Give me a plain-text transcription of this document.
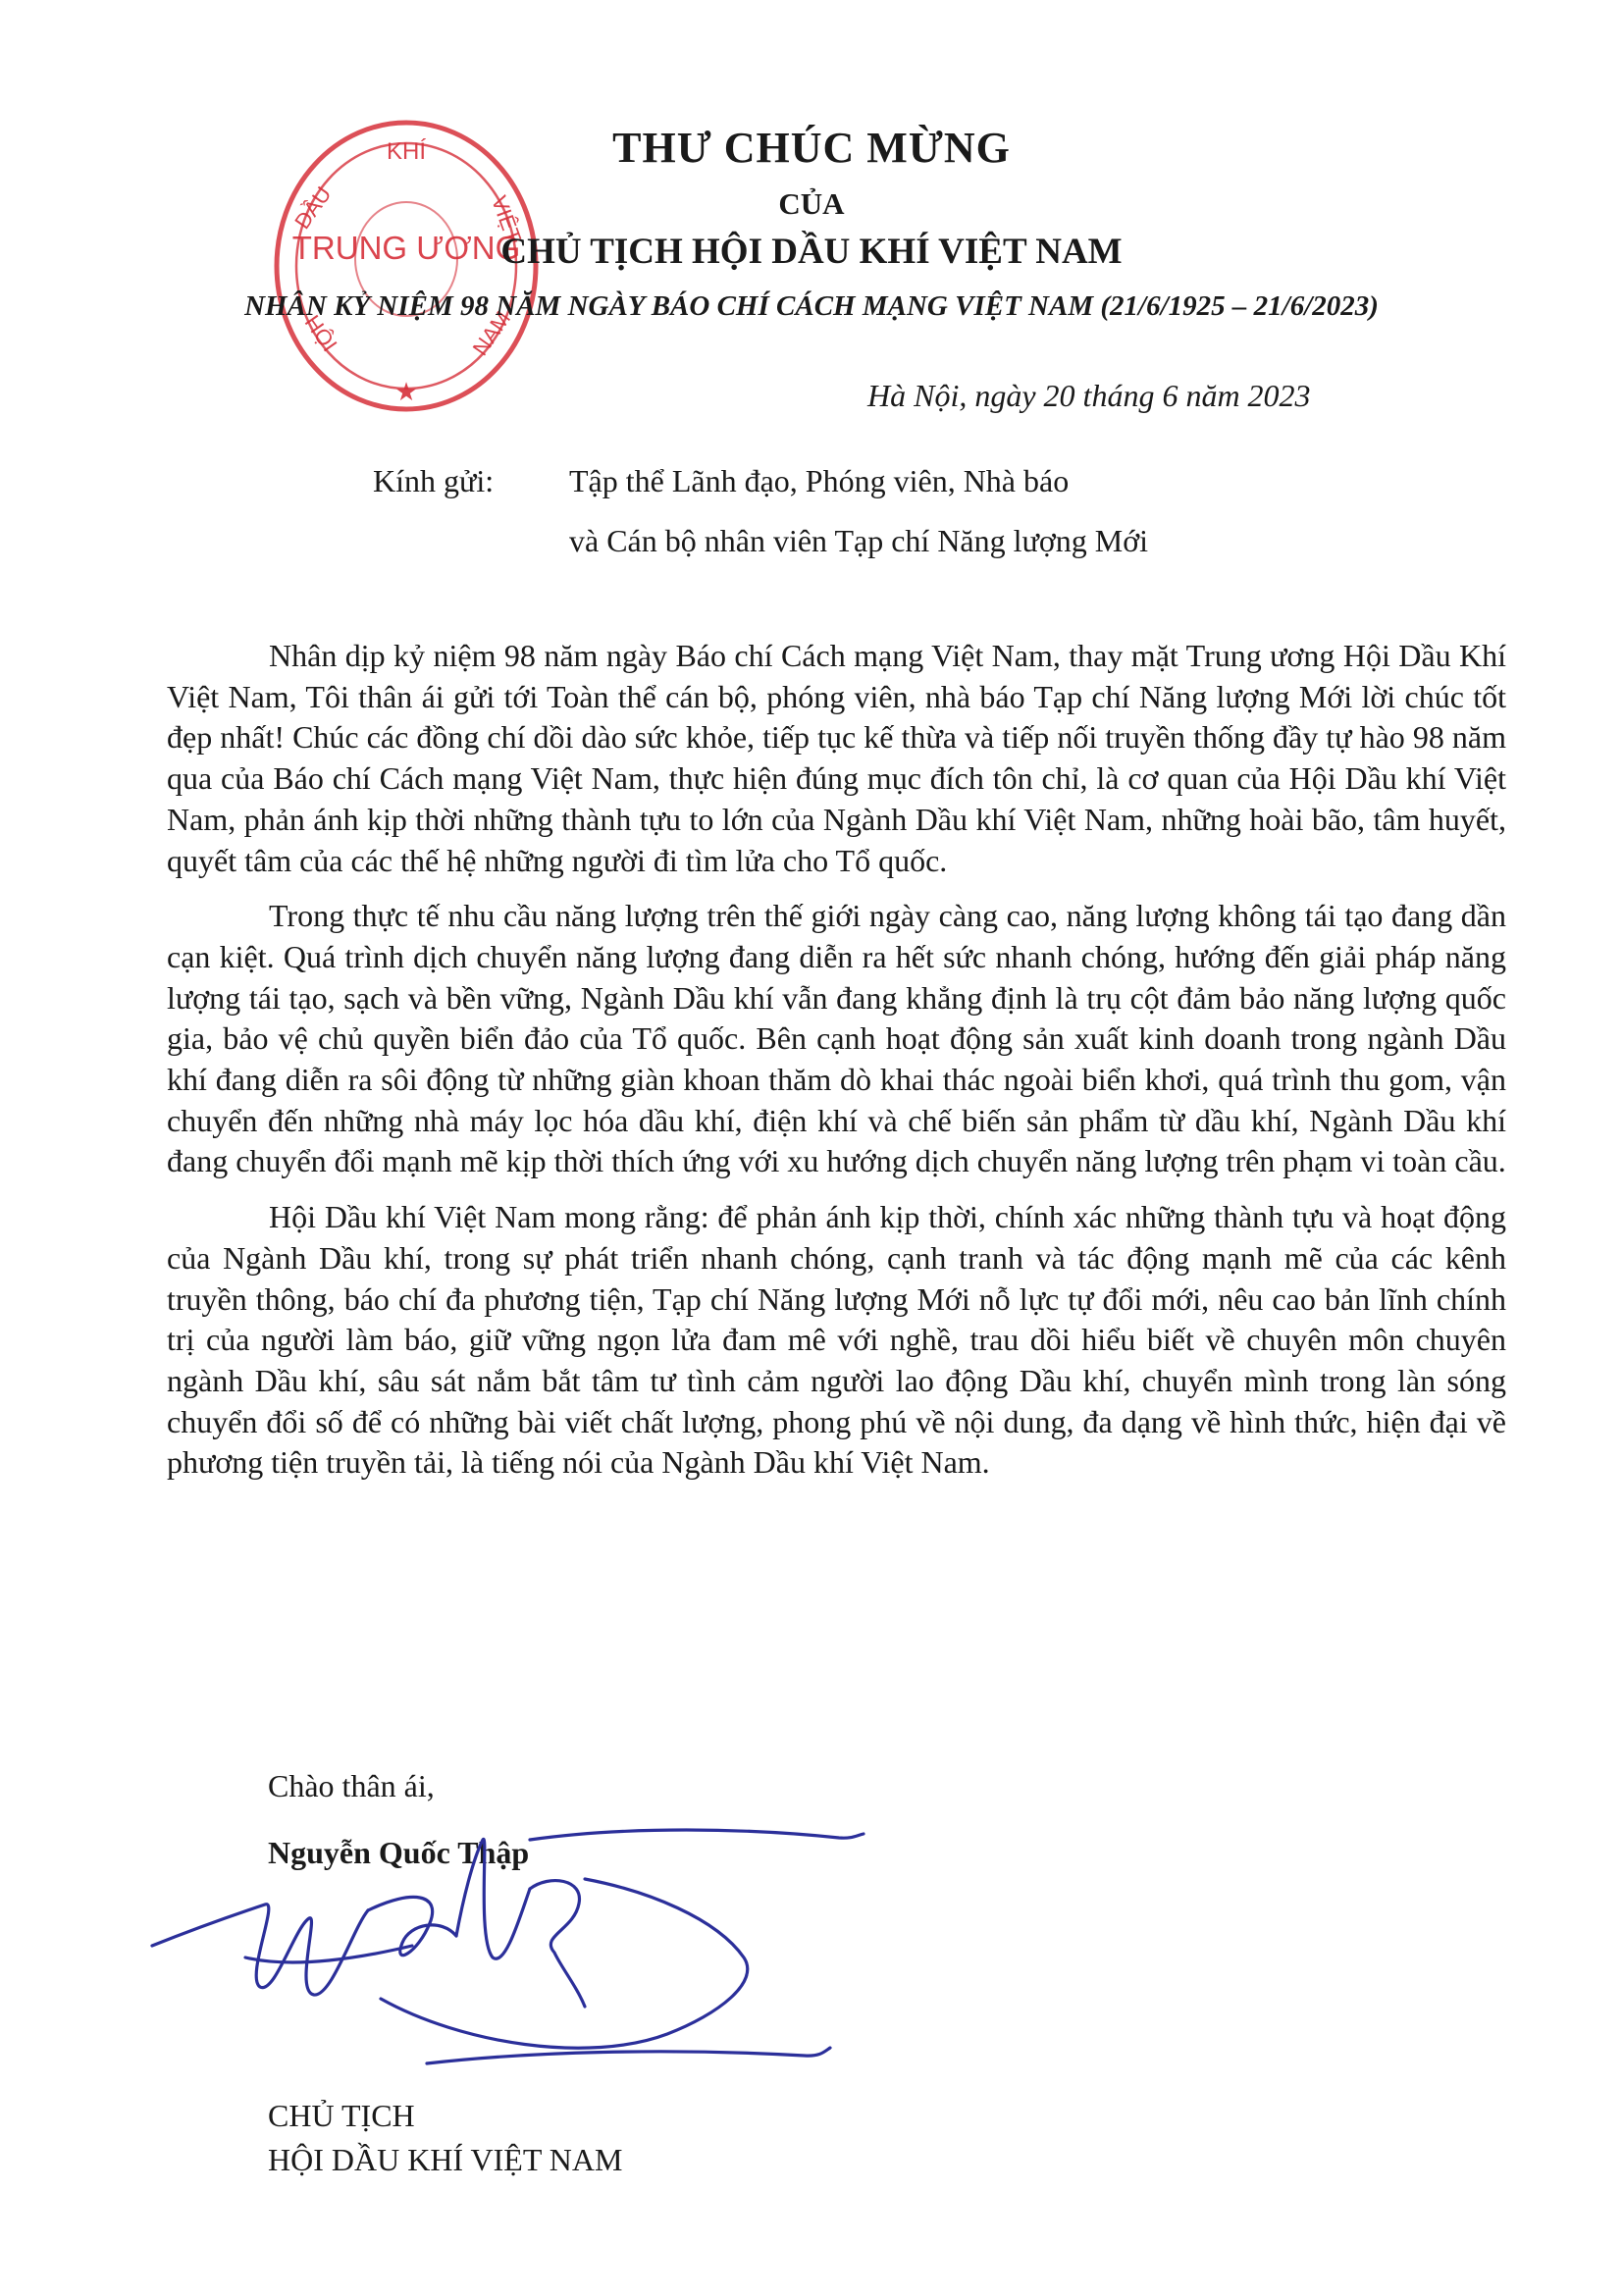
KHÍ
DẦU	VIỆT
HỘI	NAM
TRUNG ƯƠNG
★
THƯ CHÚC MỪNG
CỦA
CHỦ TỊCH HỘI DẦU KHÍ VIỆT NAM
NHÂN KỶ NIỆM 98 NĂM NGÀY BÁO CHÍ CÁCH MẠNG VIỆT NAM (21/6/1925 – 21/6/2023)
Hà Nội, ngày 20 tháng 6 năm 2023
Kính gửi: Tập thể Lãnh đạo, Phóng viên, Nhà báo
và Cán bộ nhân viên Tạp chí Năng lượng Mới

Nhân dịp kỷ niệm 98 năm ngày Báo chí Cách mạng Việt Nam, thay mặt Trung ương Hội Dầu Khí Việt Nam, Tôi thân ái gửi tới Toàn thể cán bộ, phóng viên, nhà báo Tạp chí Năng lượng Mới lời chúc tốt đẹp nhất! Chúc các đồng chí dồi dào sức khỏe, tiếp tục kế thừa và tiếp nối truyền thống đầy tự hào 98 năm qua của Báo chí Cách mạng Việt Nam, thực hiện đúng mục đích tôn chỉ, là cơ quan của Hội Dầu khí Việt Nam, phản ánh kịp thời những thành tựu to lớn của Ngành Dầu khí Việt Nam, những hoài bão, tâm huyết, quyết tâm của các thế hệ những người đi tìm lửa cho Tổ quốc.

Trong thực tế nhu cầu năng lượng trên thế giới ngày càng cao, năng lượng không tái tạo đang dần cạn kiệt. Quá trình dịch chuyển năng lượng đang diễn ra hết sức nhanh chóng, hướng đến giải pháp năng lượng tái tạo, sạch và bền vững, Ngành Dầu khí vẫn đang khẳng định là trụ cột đảm bảo năng lượng quốc gia, bảo vệ chủ quyền biển đảo của Tổ quốc. Bên cạnh hoạt động sản xuất kinh doanh trong ngành Dầu khí đang diễn ra sôi động từ những giàn khoan thăm dò khai thác ngoài biển khơi, quá trình thu gom, vận chuyển đến những nhà máy lọc hóa dầu khí, điện khí và chế biến sản phẩm từ dầu khí, Ngành Dầu khí đang chuyển đổi mạnh mẽ kịp thời thích ứng với xu hướng dịch chuyển năng lượng trên phạm vi toàn cầu.

Hội Dầu khí Việt Nam mong rằng: để phản ánh kịp thời, chính xác những thành tựu và hoạt động của Ngành Dầu khí, trong sự phát triển nhanh chóng, cạnh tranh và tác động mạnh mẽ của các kênh truyền thông, báo chí đa phương tiện, Tạp chí Năng lượng Mới nỗ lực tự đổi mới, nêu cao bản lĩnh chính trị của người làm báo, giữ vững ngọn lửa đam mê với nghề, trau dồi hiểu biết về chuyên môn chuyên ngành Dầu khí, sâu sát nắm bắt tâm tư tình cảm người lao động Dầu khí, chuyển mình trong làn sóng chuyển đổi số để có những bài viết chất lượng, phong phú về nội dung, đa dạng về hình thức, hiện đại về phương tiện truyền tải, là tiếng nói của Ngành Dầu khí Việt Nam.

Chào thân ái,
Nguyễn Quốc Thập
CHỦ TỊCH
HỘI DẦU KHÍ VIỆT NAM
